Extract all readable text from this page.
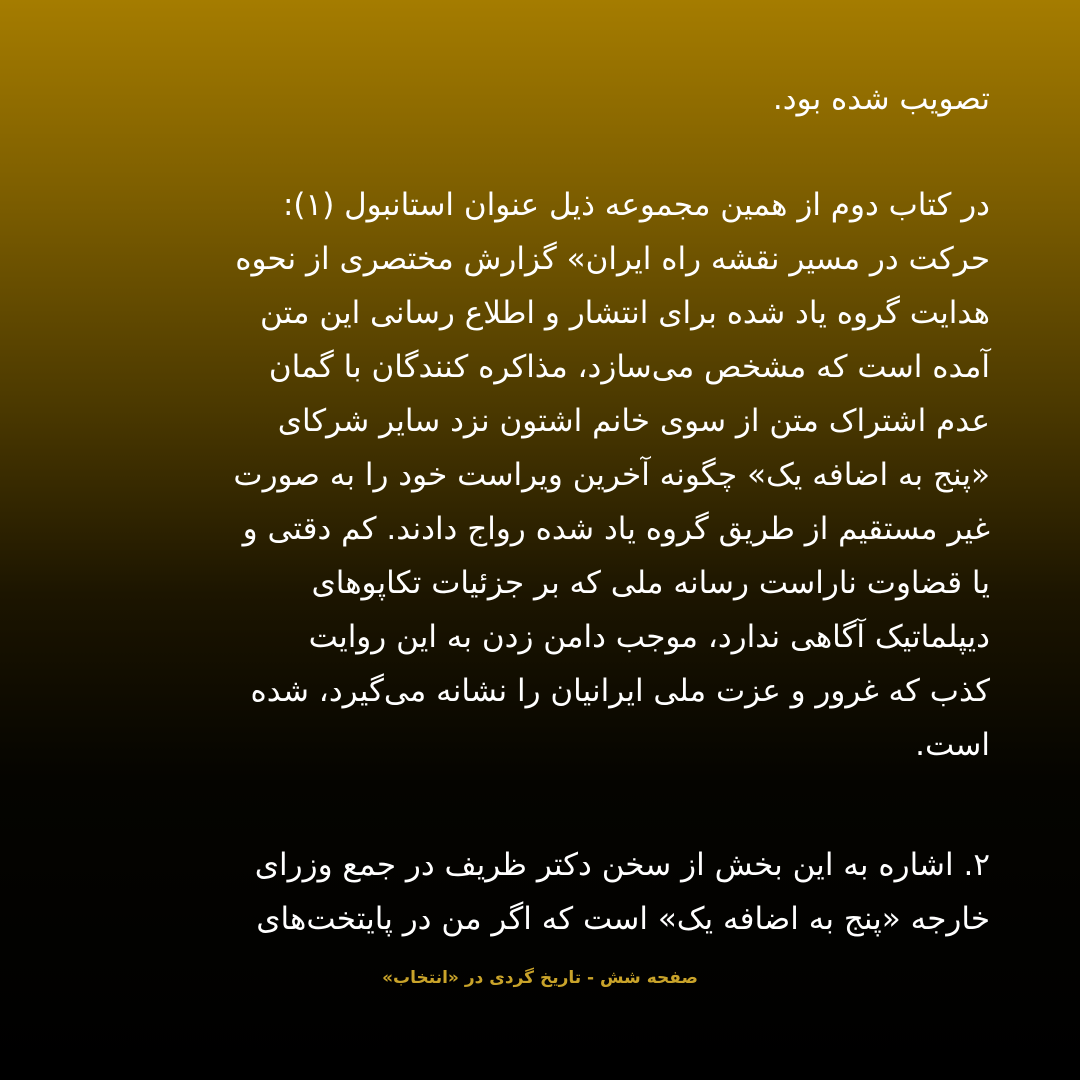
تصویب شده بود.
در کتاب دوم از همین مجموعه ذیل عنوان استانبول (۱):
حرکت در مسیر نقشه راه ایران» گزارش مختصری از نحوه
هدایت گروه یاد شده برای انتشار و اطلاع رسانی این متن
آمده است که مشخص می‌سازد، مذاکره کنندگان با گمان
عدم اشتراک متن از سوی خانم اشتون نزد سایر شرکای
«پنج به اضافه یک» چگونه آخرین ویراست خود را به صورت
غیر مستقیم از طریق گروه یاد شده رواج دادند. کم دقتی و
یا قضاوت نا‌راست رسانه ملی که بر جزئیات تکاپوهای
دیپلماتیک آگاهی ندارد، موجب دامن زدن به این روایت
کذب که غرور و عزت ملی ایرانیان را نشانه می‌گیرد، شده
است.
۲. اشاره به این بخش از سخن دکتر ظریف در جمع وزرای
خارجه «پنج به اضافه یک» است که اگر من در پایتخت‌های
صفحه شش - تاریخ گردی در «انتخاب»
